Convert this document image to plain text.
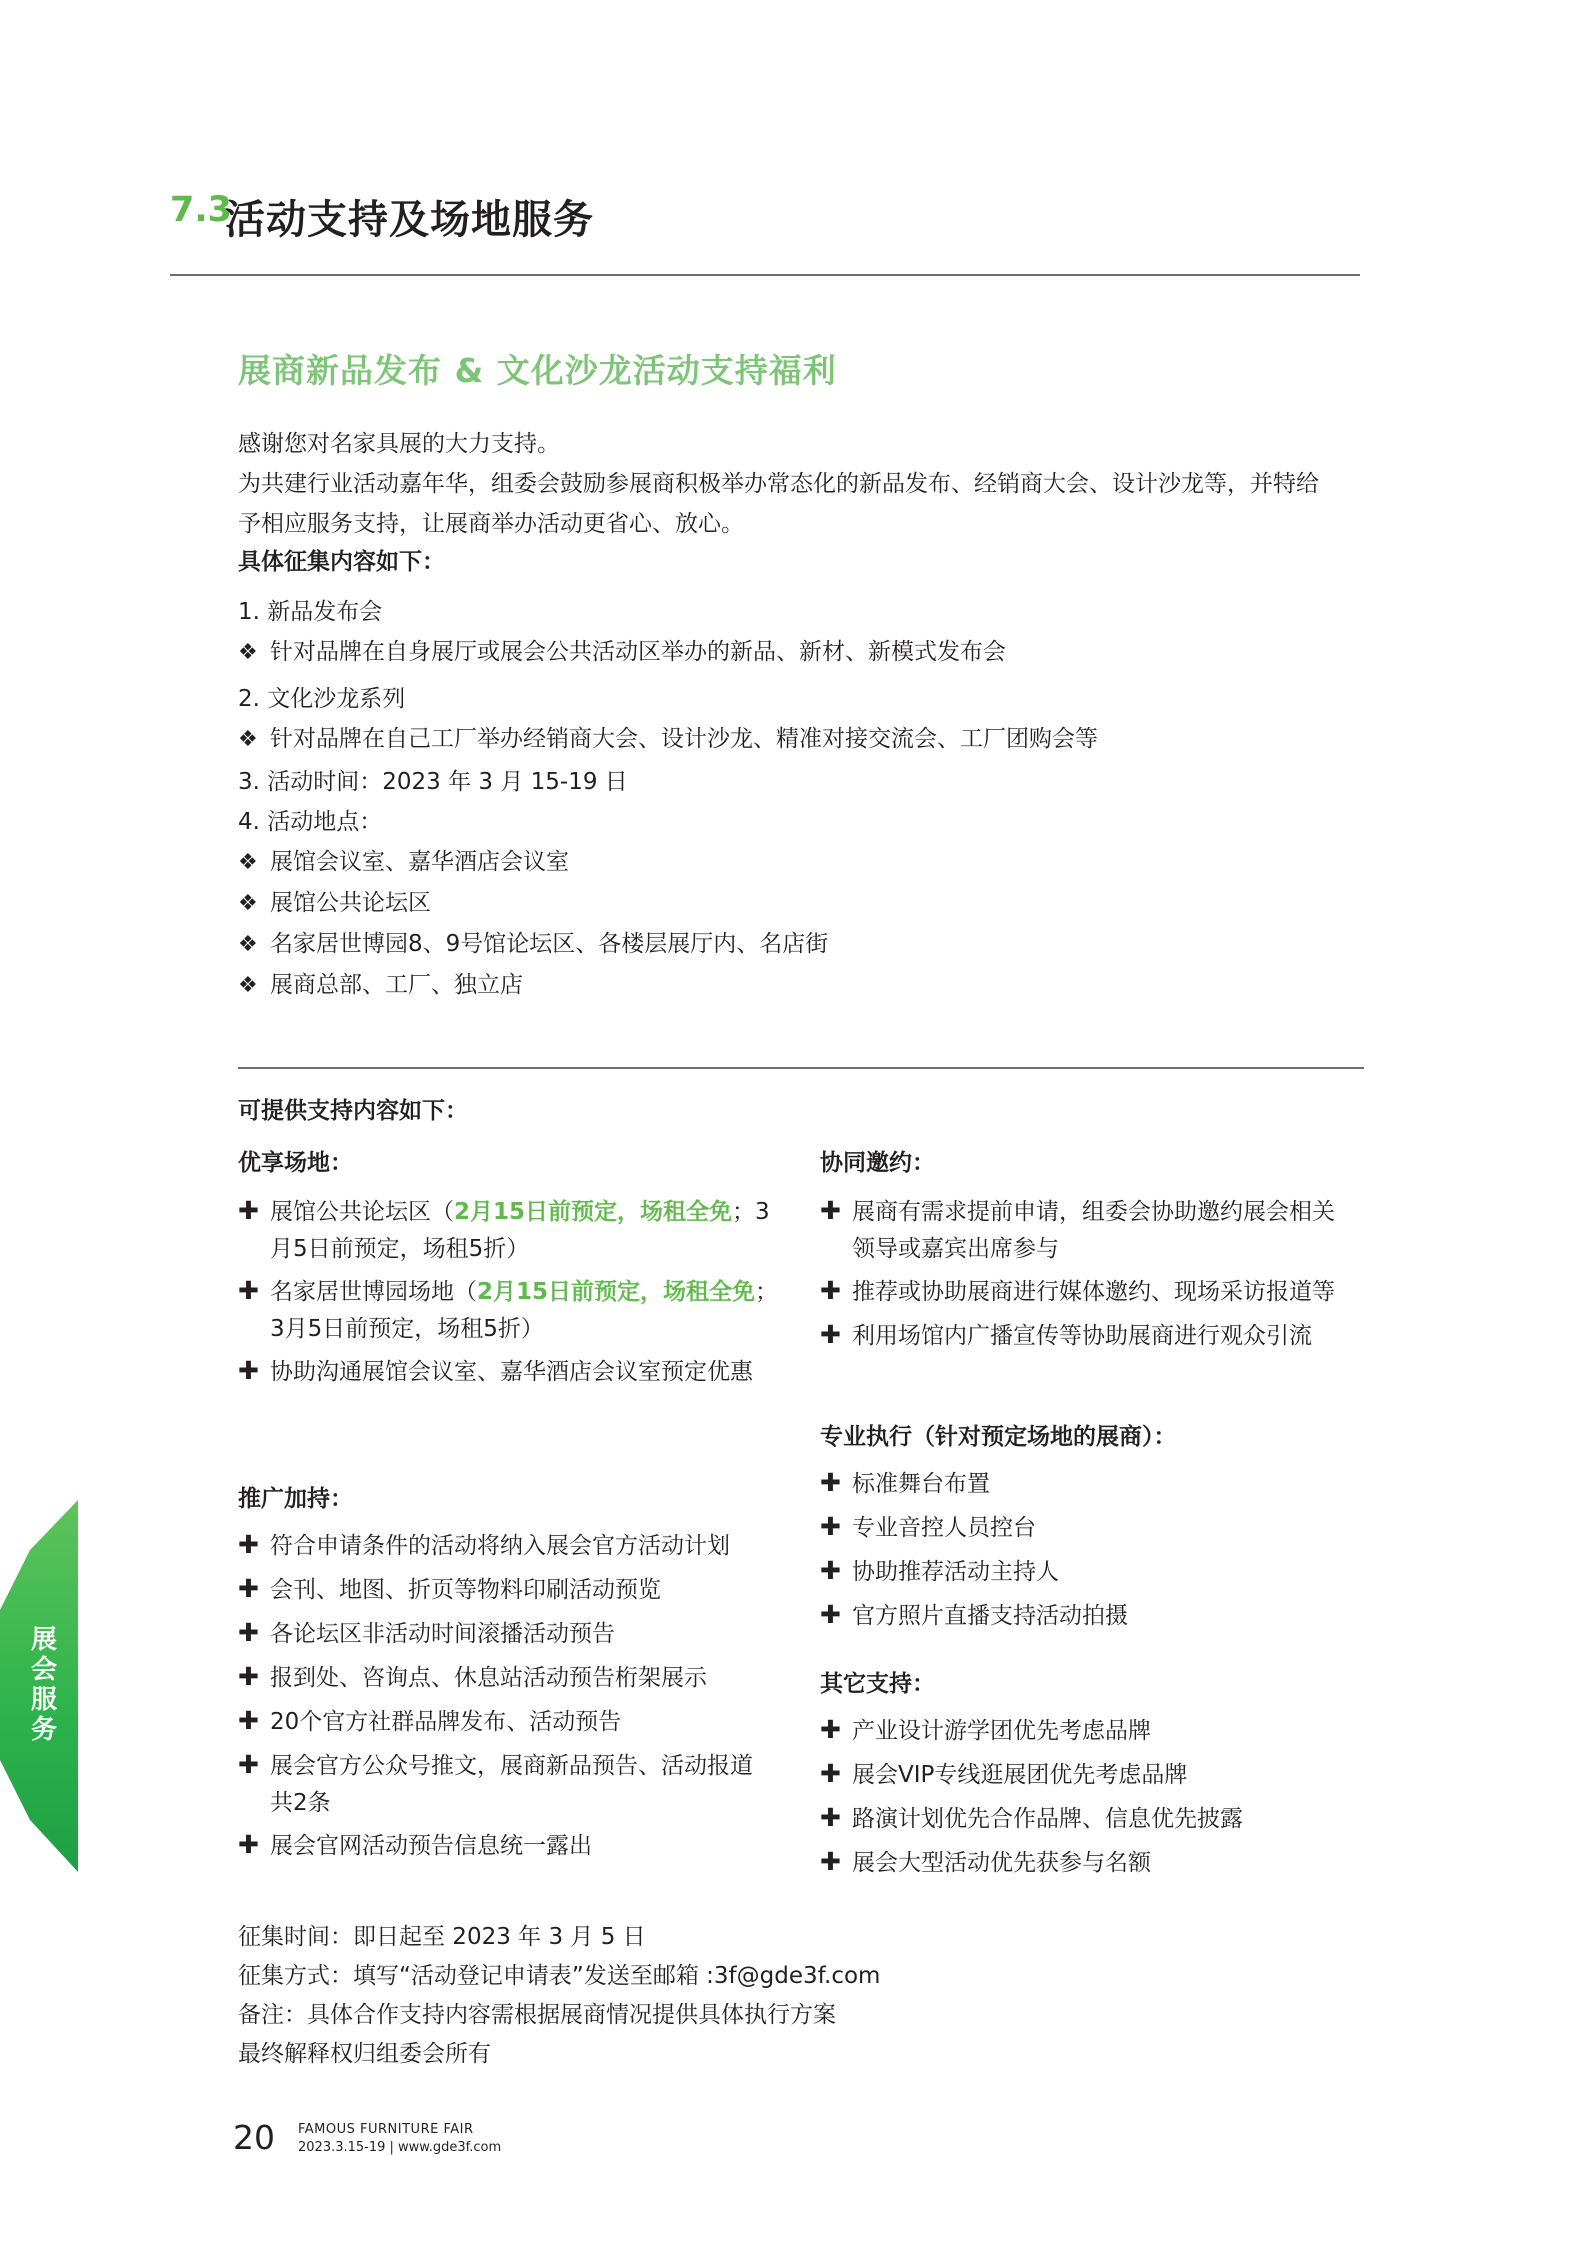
7.3
活动支持及场地服务
展商新品发布 & 文化沙龙活动支持福利
感谢您对名家具展的大力支持。
为共建行业活动嘉年华，组委会鼓励参展商积极举办常态化的新品发布、经销商大会、设计沙龙等，并特给
予相应服务支持，让展商举办活动更省心、放心。
具体征集内容如下：
1. 新品发布会
❖ 针对品牌在自身展厅或展会公共活动区举办的新品、新材、新模式发布会
2. 文化沙龙系列
❖ 针对品牌在自己工厂举办经销商大会、设计沙龙、精准对接交流会、工厂团购会等
3. 活动时间：2023 年 3 月 15-19 日
4. 活动地点：
❖ 展馆会议室、嘉华酒店会议室
❖ 展馆公共论坛区
❖ 名家居世博园8、9号馆论坛区、各楼层展厅内、名店街
❖ 展商总部、工厂、独立店
可提供支持内容如下：
优享场地：
✚ 展馆公共论坛区（2月15日前预定，场租全免；3
月5日前预定，场租5折）
✚ 名家居世博园场地（2月15日前预定，场租全免；
3月5日前预定，场租5折）
✚ 协助沟通展馆会议室、嘉华酒店会议室预定优惠
推广加持：
✚ 符合申请条件的活动将纳入展会官方活动计划
✚ 会刊、地图、折页等物料印刷活动预览
✚ 各论坛区非活动时间滚播活动预告
✚ 报到处、咨询点、休息站活动预告桁架展示
✚ 20个官方社群品牌发布、活动预告
✚ 展会官方公众号推文，展商新品预告、活动报道
共2条
✚ 展会官网活动预告信息统一露出
协同邀约：
✚ 展商有需求提前申请，组委会协助邀约展会相关
领导或嘉宾出席参与
✚ 推荐或协助展商进行媒体邀约、现场采访报道等
✚ 利用场馆内广播宣传等协助展商进行观众引流
专业执行（针对预定场地的展商）：
✚ 标准舞台布置
✚ 专业音控人员控台
✚ 协助推荐活动主持人
✚ 官方照片直播支持活动拍摄
其它支持：
✚ 产业设计游学团优先考虑品牌
✚ 展会VIP专线逛展团优先考虑品牌
✚ 路演计划优先合作品牌、信息优先披露
✚ 展会大型活动优先获参与名额
征集时间：即日起至 2023 年 3 月 5 日
征集方式：填写“活动登记申请表”发送至邮箱 :3f@gde3f.com
备注：具体合作支持内容需根据展商情况提供具体执行方案
最终解释权归组委会所有
展会服务
20 FAMOUS FURNITURE FAIR
2023.3.15-19 | www.gde3f.com
